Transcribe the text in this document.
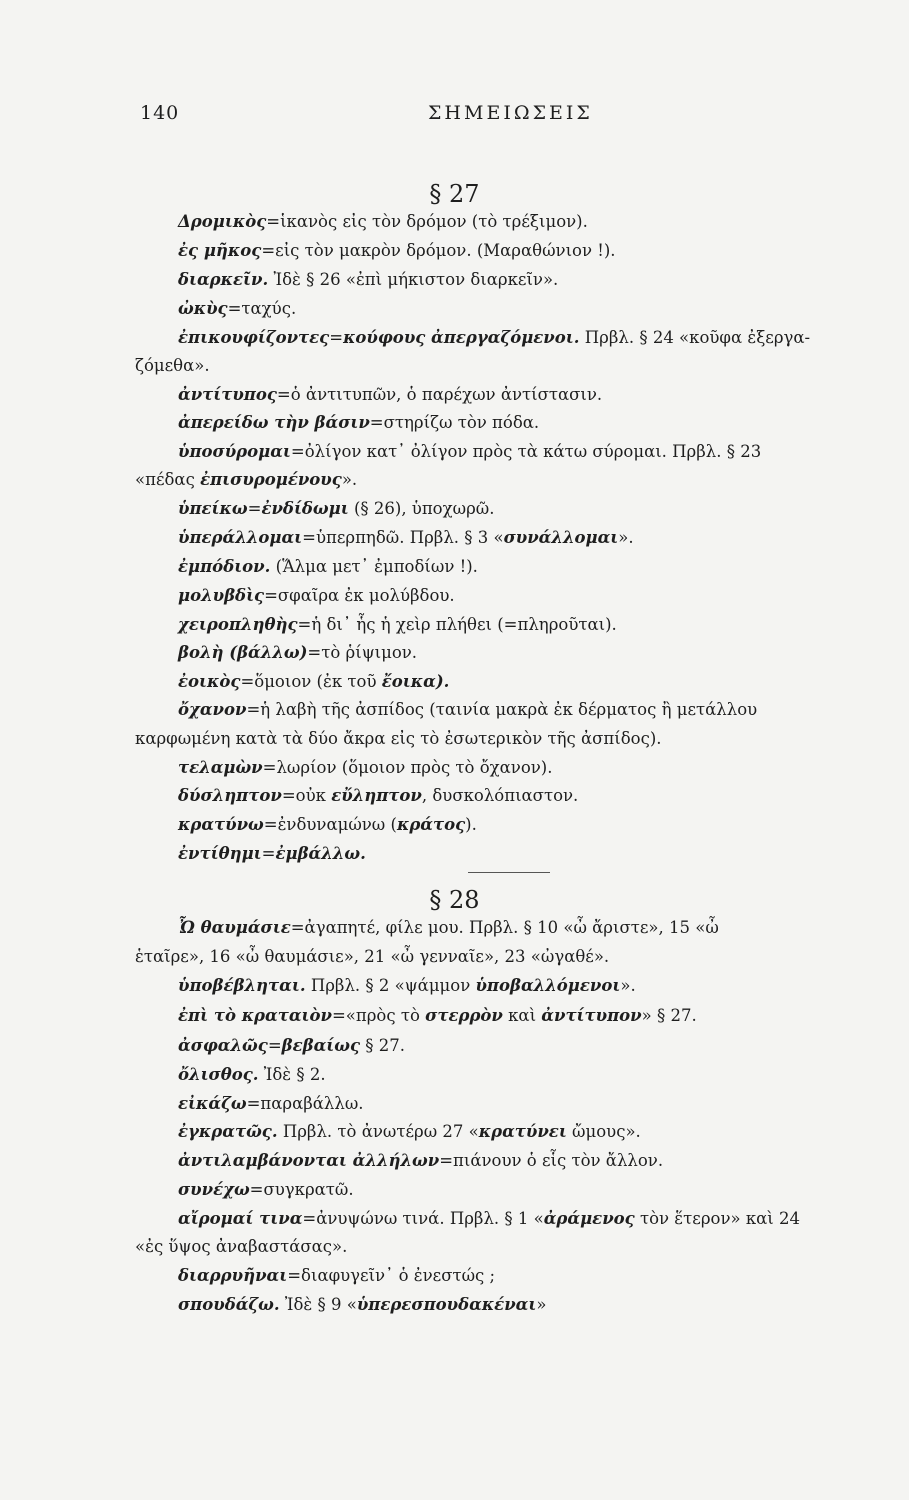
140	ΣΗΜΕΙΩΣΕΙΣ
§ 27
Δρομικὸς=ἱκανὸς εἰς τὸν δρόμον (τὸ τρέξιμον).
ἐς μῆκος=εἰς τὸν μακρὸν δρόμον. (Μαραθώνιον !).
διαρκεῖν. Ἰδὲ § 26 «ἐπὶ μήκιστον διαρκεῖν».
ὠκὺς=ταχύς.
ἐπικουφίζοντες=κούφους ἀπεργαζόμενοι. Πρβλ. § 24 «κοῦφα ἐξεργα-
ζόμεθα».
ἀντίτυπος=ὁ ἀντιτυπῶν, ὁ παρέχων ἀντίστασιν.
ἀπερείδω τὴν βάσιν=στηρίζω τὸν πόδα.
ὑποσύρομαι=ὀλίγον κατ᾽ ὀλίγον πρὸς τὰ κάτω σύρομαι. Πρβλ. § 23
«πέδας ἐπισυρομένους».
ὑπείκω=ἐνδίδωμι (§ 26), ὑποχωρῶ.
ὑπεράλλομαι=ὑπερπηδῶ. Πρβλ. § 3 «συνάλλομαι».
ἐμπόδιον. (Ἅλμα μετ᾽ ἐμποδίων !).
μολυβδὶς=σφαῖρα ἐκ μολύβδου.
χειροπληθὴς=ἡ δι᾽ ἧς ἡ χεὶρ πλήθει (=πληροῦται).
βολὴ (βάλλω)=τὸ ῥίψιμον.
ἐοικὸς=ὅμοιον (ἐκ τοῦ ἔοικα).
ὄχανον=ἡ λαβὴ τῆς ἀσπίδος (ταινία μακρὰ ἐκ δέρματος ἢ μετάλλου
καρφωμένη κατὰ τὰ δύο ἄκρα εἰς τὸ ἐσωτερικὸν τῆς ἀσπίδος).
τελαμὼν=λωρίον (ὅμοιον πρὸς τὸ ὄχανον).
δύσληπτον=οὐκ εὔληπτον, δυσκολόπιαστον.
κρατύνω=ἐνδυναμώνω (κράτος).
ἐντίθημι=ἐμβάλλω.
§ 28
Ὦ θαυμάσιε=ἀγαπητέ, φίλε μου. Πρβλ. § 10 «ὦ ἄριστε», 15 «ὦ
ἑταῖρε», 16 «ὦ θαυμάσιε», 21 «ὦ γενναῖε», 23 «ὠγαθέ».
ὑποβέβληται. Πρβλ. § 2 «ψάμμον ὑποβαλλόμενοι».
ἐπὶ τὸ κραταιὸν=«πρὸς τὸ στερρὸν καὶ ἀντίτυπον» § 27.
ἀσφαλῶς=βεβαίως § 27.
ὄλισθος. Ἰδὲ § 2.
εἰκάζω=παραβάλλω.
ἐγκρατῶς. Πρβλ. τὸ ἀνωτέρω 27 «κρατύνει ὤμους».
ἀντιλαμβάνονται ἀλλήλων=πιάνουν ὁ εἷς τὸν ἄλλον.
συνέχω=συγκρατῶ.
αἴρομαί τινα=ἀνυψώνω τινά. Πρβλ. § 1 «ἀράμενος τὸν ἕτερον» καὶ 24
«ἐς ὕψος ἀναβαστάσας».
διαρρυῆναι=διαφυγεῖν᾽ ὁ ἐνεστώς ;
σπουδάζω. Ἰδὲ § 9 «ὑπερεσπουδακέναι»
